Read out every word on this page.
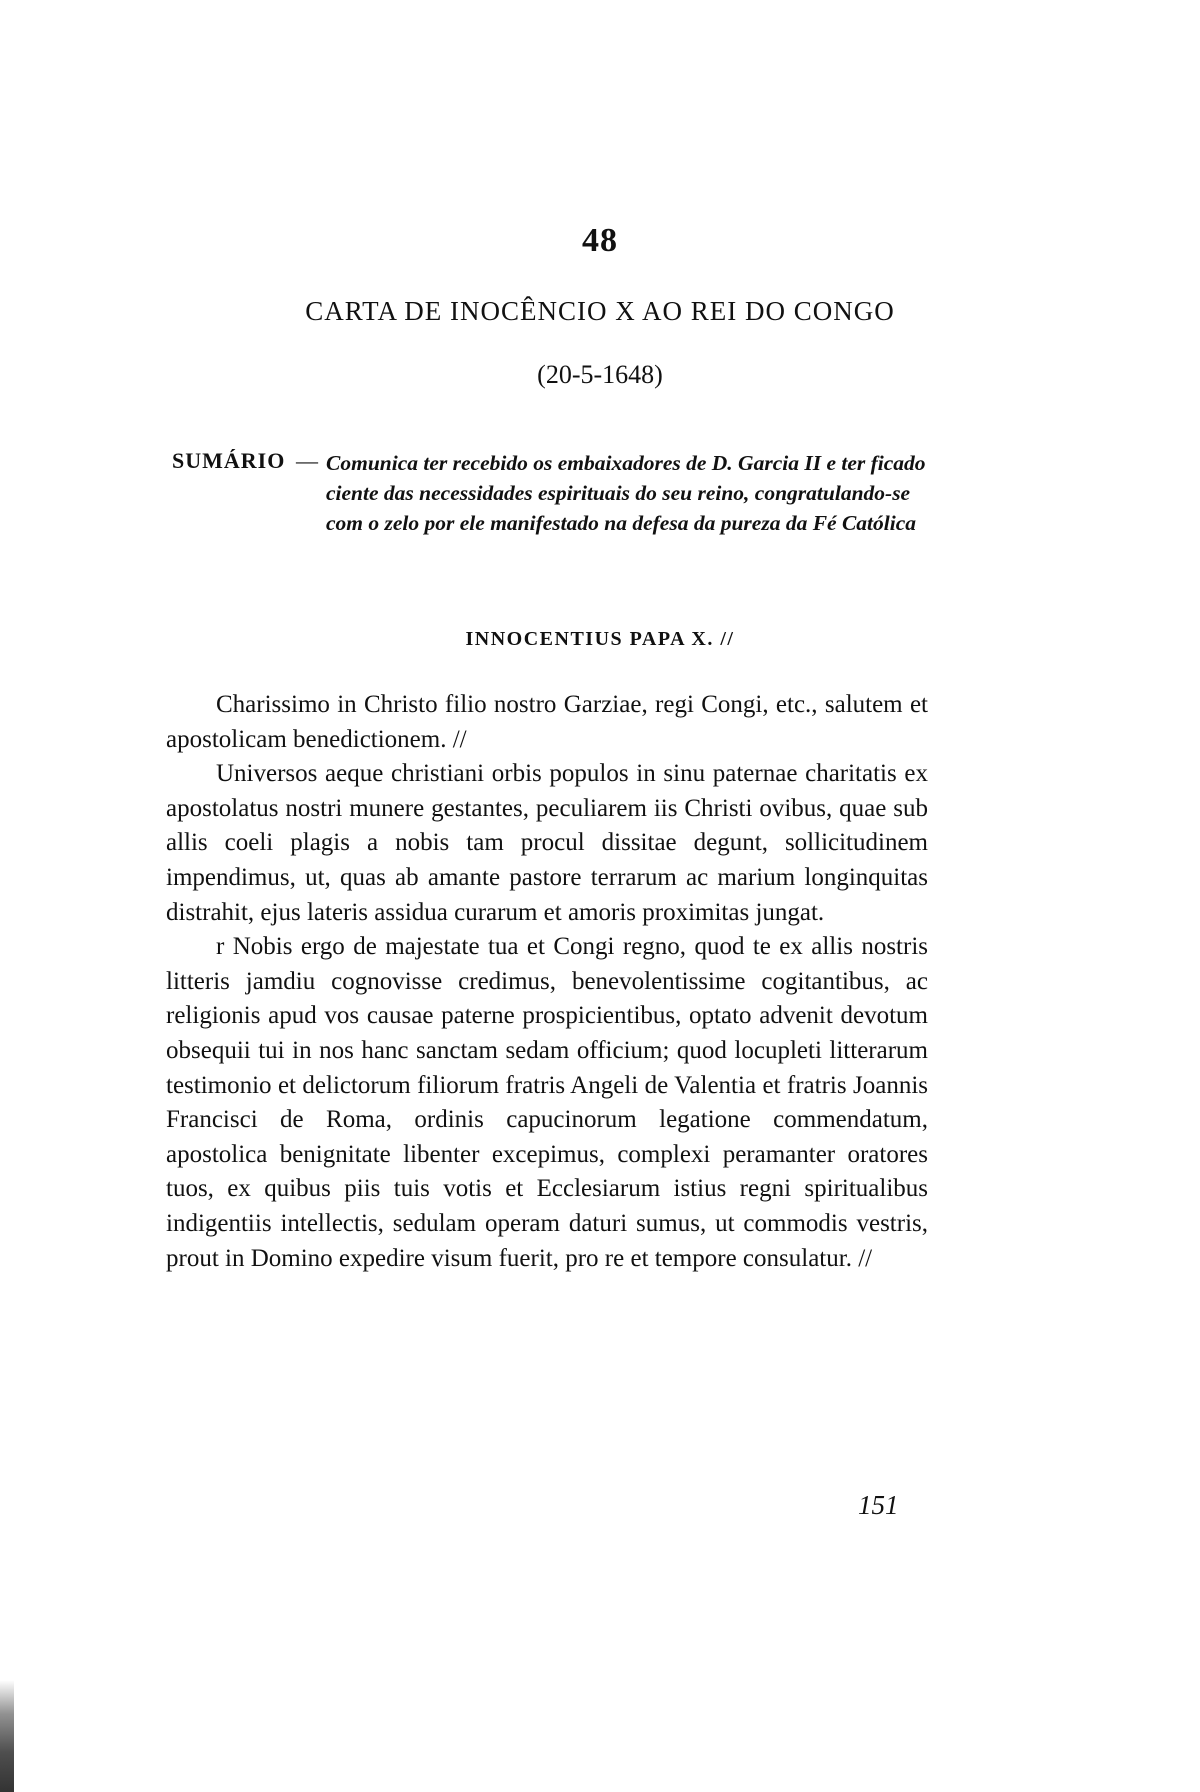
48
CARTA DE INOCÊNCIO X AO REI DO CONGO
(20-5-1648)
SUMÁRIO — Comunica ter recebido os embaixadores de D. Garcia II e ter ficado ciente das necessidades espirituais do seu reino, congratulando-se com o zelo por ele manifestado na defesa da pureza da Fé Católica
INNOCENTIUS PAPA X. //

Charissimo in Christo filio nostro Garziae, regi Congi, etc., salutem et apostolicam benedictionem. //

Universos aeque christiani orbis populos in sinu paternae charitatis ex apostolatus nostri munere gestantes, peculiarem iis Christi ovibus, quae sub allis coeli plagis a nobis tam procul dissitae degunt, sollicitudinem impendimus, ut, quas ab amante pastore terrarum ac marium longinquitas distrahit, ejus lateris assidua curarum et amoris proximitas jungat.

r Nobis ergo de majestate tua et Congi regno, quod te ex allis nostris litteris jamdiu cognovisse credimus, benevolentissime cogitantibus, ac religionis apud vos causae paterne prospicientibus, optato advenit devotum obsequii tui in nos hanc sanctam sedam officium; quod locupleti litterarum testimonio et delictorum filiorum fratris Angeli de Valentia et fratris Joannis Francisci de Roma, ordinis capucinorum legatione commendatum, apostolica benignitate libenter excepimus, complexi peramanter oratores tuos, ex quibus piis tuis votis et Ecclesiarum istius regni spiritualibus indigentiis intellectis, sedulam operam daturi sumus, ut commodis vestris, prout in Domino expedire visum fuerit, pro re et tempore consulatur. //

151
